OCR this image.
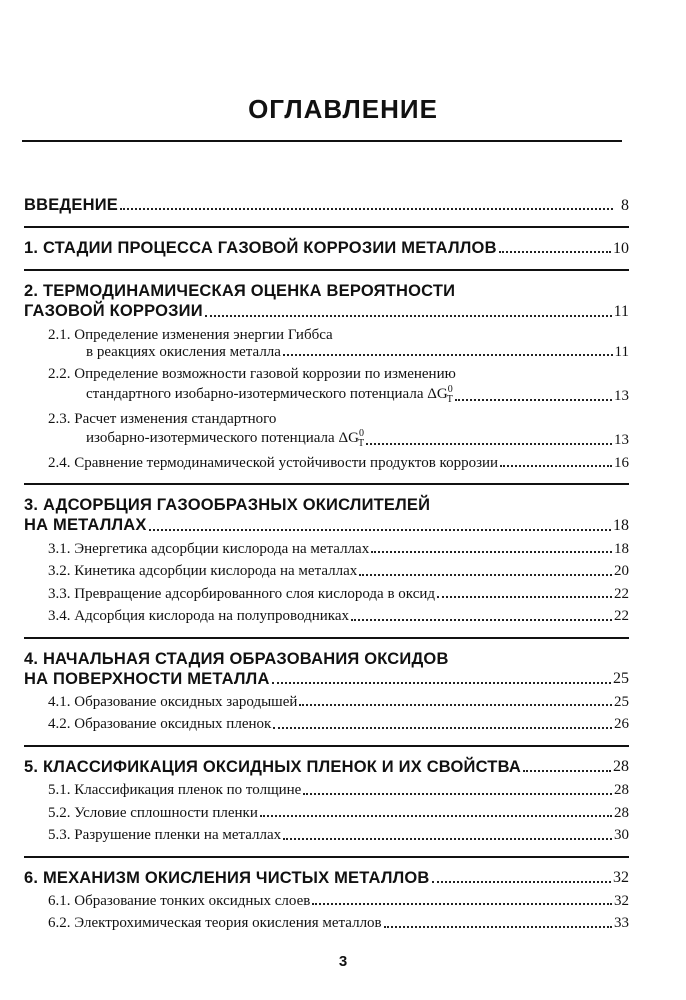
ОГЛАВЛЕНИЕ
ВВЕДЕНИЕ	8
1. СТАДИИ ПРОЦЕССА ГАЗОВОЙ КОРРОЗИИ МЕТАЛЛОВ	10
2. ТЕРМОДИНАМИЧЕСКАЯ ОЦЕНКА ВЕРОЯТНОСТИ
ГАЗОВОЙ КОРРОЗИИ	11
2.1. Определение изменения энергии Гиббса
в реакциях окисления металла	11
2.2. Определение возможности газовой коррозии по изменению
стандартного изобарно-изотермического потенциала $\Delta G^0_T$	13
2.3. Расчет изменения стандартного
изобарно-изотермического потенциала $\Delta G^0_T$	13
2.4. Сравнение термодинамической устойчивости продуктов коррозии	16
3. АДСОРБЦИЯ ГАЗООБРАЗНЫХ ОКИСЛИТЕЛЕЙ
НА МЕТАЛЛАХ	18
3.1. Энергетика адсорбции кислорода на металлах	18
3.2. Кинетика адсорбции кислорода на металлах	20
3.3. Превращение адсорбированного слоя кислорода в оксид	22
3.4. Адсорбция кислорода на полупроводниках	22
4. НАЧАЛЬНАЯ СТАДИЯ ОБРАЗОВАНИЯ ОКСИДОВ
НА ПОВЕРХНОСТИ МЕТАЛЛА	25
4.1. Образование оксидных зародышей	25
4.2. Образование оксидных пленок	26
5. КЛАССИФИКАЦИЯ ОКСИДНЫХ ПЛЕНОК И ИХ СВОЙСТВА	28
5.1. Классификация пленок по толщине	28
5.2. Условие сплошности пленки	28
5.3. Разрушение пленки на металлах	30
6. МЕХАНИЗМ ОКИСЛЕНИЯ ЧИСТЫХ МЕТАЛЛОВ	32
6.1. Образование тонких оксидных слоев	32
6.2. Электрохимическая теория окисления металлов	33
3
